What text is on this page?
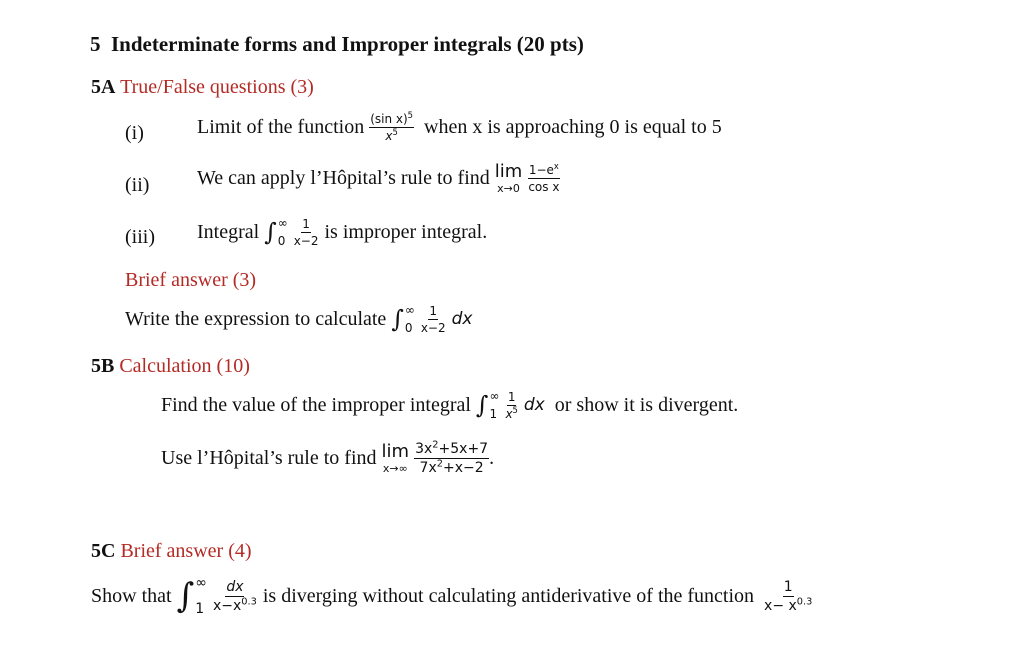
5 Indeterminate forms and Improper integrals (20 pts)
5A True/False questions (3)
(i)	Limit of the function $\frac{(\sin x)^5}{x^5}$ when x is approaching 0 is equal to 5
(ii) We can apply l’Hôpital’s rule to find lim
x→0
$\frac{1-e^x}{\text{cos x}}$
(iii) Integral ∫ ∞
0
$\frac{1}{x-2}$ is improper integral.
Brief answer (3)
Write the expression to calculate ∫ ∞
0
$\frac{1}{x-2}$ dx
5B Calculation (10)
Find the value of the improper integral ∫ ∞
1
$\frac{1}{x^5}$ dx or show it is divergent.
Use l’Hôpital’s rule to find lim
x→∞
$\frac{3x^2+5x+7}{7x^2+x-2}$ .
5C Brief answer (4)
Show that ∫ ∞
1
$\frac{dx}{x-x^{0.3}}$ is diverging without calculating antiderivative of the function $\frac{1}{x- x^{0.3}}$
